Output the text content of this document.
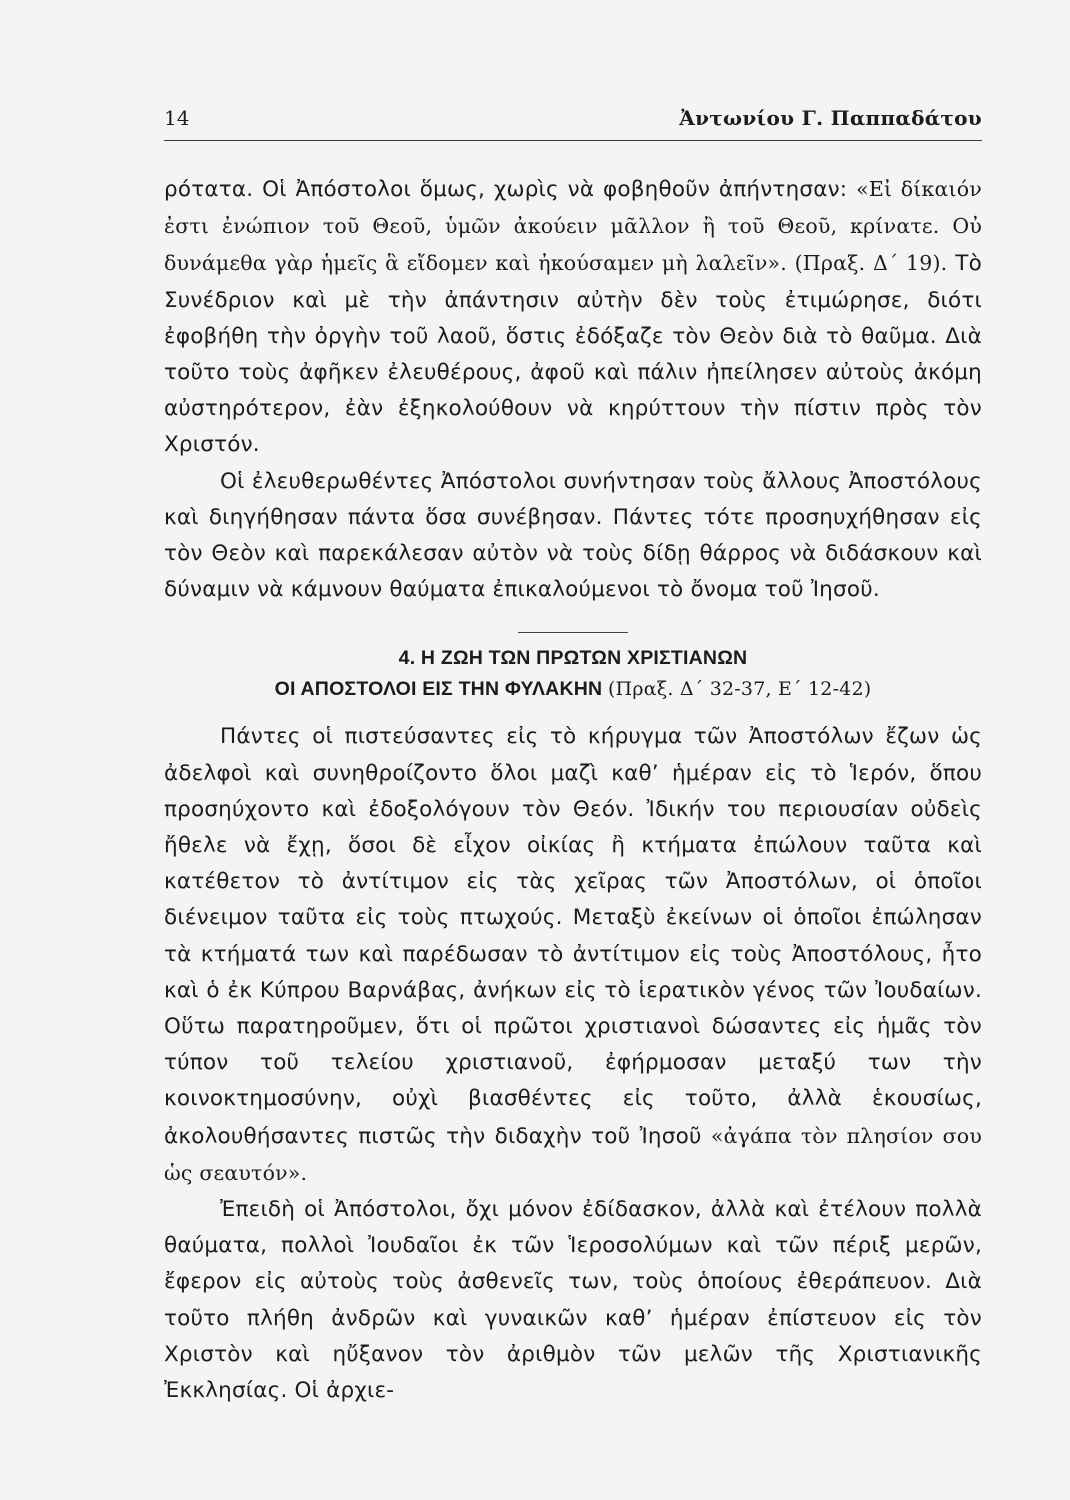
14	Ἀντωνίου Γ. Παππαδάτου

ρότατα. Οἱ Ἀπόστολοι ὅμως, χωρὶς νὰ φοβηθοῦν ἀπήντησαν: «Εἰ δίκαιόν ἐστι ἐνώπιον τοῦ Θεοῦ, ὑμῶν ἀκούειν μᾶλλον ἢ τοῦ Θεοῦ, κρίνατε. Οὐ δυνάμεθα γὰρ ἡμεῖς ἃ εἴδομεν καὶ ἠκούσαμεν μὴ λαλεῖν». (Πραξ. Δ΄ 19). Τὸ Συνέδριον καὶ μὲ τὴν ἀπάντησιν αὐτὴν δὲν τοὺς ἐτιμώρησε, διότι ἐφοβήθη τὴν ὀργὴν τοῦ λαοῦ, ὅστις ἐδόξαζε τὸν Θεὸν διὰ τὸ θαῦμα. Διὰ τοῦτο τοὺς ἀφῆκεν ἐλευθέρους, ἀφοῦ καὶ πάλιν ἠπείλησεν αὐτοὺς ἀκόμη αὐστηρότερον, ἐὰν ἐξηκολούθουν νὰ κηρύττουν τὴν πίστιν πρὸς τὸν Χριστόν.

Οἱ ἐλευθερωθέντες Ἀπόστολοι συνήντησαν τοὺς ἄλλους Ἀποστόλους καὶ διηγήθησαν πάντα ὅσα συνέβησαν. Πάντες τότε προσηυχήθησαν εἰς τὸν Θεὸν καὶ παρεκάλεσαν αὐτὸν νὰ τοὺς δίδῃ θάρρος νὰ διδάσκουν καὶ δύναμιν νὰ κάμνουν θαύματα ἐπικαλούμενοι τὸ ὄνομα τοῦ Ἰησοῦ.

4. Η ΖΩΗ ΤΩΝ ΠΡΩΤΩΝ ΧΡΙΣΤΙΑΝΩΝ
ΟΙ ΑΠΟΣΤΟΛΟΙ ΕΙΣ ΤΗΝ ΦΥΛΑΚΗΝ (Πραξ. Δ΄ 32-37, Ε΄ 12-42)

Πάντες οἱ πιστεύσαντες εἰς τὸ κήρυγμα τῶν Ἀποστόλων ἔζων ὡς ἀδελφοὶ καὶ συνηθροίζοντο ὅλοι μαζὶ καθ’ ἡμέραν εἰς τὸ Ἱερόν, ὅπου προσηύχοντο καὶ ἐδοξολόγουν τὸν Θεόν. Ἰδικήν του περιουσίαν οὐδεὶς ἤθελε νὰ ἔχῃ, ὅσοι δὲ εἶχον οἰκίας ἢ κτήματα ἐπώλουν ταῦτα καὶ κατέθετον τὸ ἀντίτιμον εἰς τὰς χεῖρας τῶν Ἀποστόλων, οἱ ὁποῖοι διένειμον ταῦτα εἰς τοὺς πτωχούς. Μεταξὺ ἐκείνων οἱ ὁποῖοι ἐπώλησαν τὰ κτήματά των καὶ παρέδωσαν τὸ ἀντίτιμον εἰς τοὺς Ἀποστόλους, ἦτο καὶ ὁ ἐκ Κύπρου Βαρνάβας, ἀνήκων εἰς τὸ ἱερατικὸν γένος τῶν Ἰουδαίων. Οὕτω παρατηροῦμεν, ὅτι οἱ πρῶτοι χριστιανοὶ δώσαντες εἰς ἡμᾶς τὸν τύπον τοῦ τελείου χριστιανοῦ, ἐφήρμοσαν μεταξύ των τὴν κοινοκτημοσύνην, οὐχὶ βιασθέντες εἰς τοῦτο, ἀλλὰ ἑκουσίως, ἀκολουθήσαντες πιστῶς τὴν διδαχὴν τοῦ Ἰησοῦ «ἀγάπα τὸν πλησίον σου ὡς σεαυτόν».

Ἐπειδὴ οἱ Ἀπόστολοι, ὄχι μόνον ἐδίδασκον, ἀλλὰ καὶ ἐτέλουν πολλὰ θαύματα, πολλοὶ Ἰουδαῖοι ἐκ τῶν Ἱεροσολύμων καὶ τῶν πέριξ μερῶν, ἔφερον εἰς αὐτοὺς τοὺς ἀσθενεῖς των, τοὺς ὁποίους ἐθεράπευον. Διὰ τοῦτο πλήθη ἀνδρῶν καὶ γυναικῶν καθ’ ἡμέραν ἐπίστευον εἰς τὸν Χριστὸν καὶ ηὔξανον τὸν ἀριθμὸν τῶν μελῶν τῆς Χριστιανικῆς Ἐκκλησίας. Οἱ ἀρχιε-
